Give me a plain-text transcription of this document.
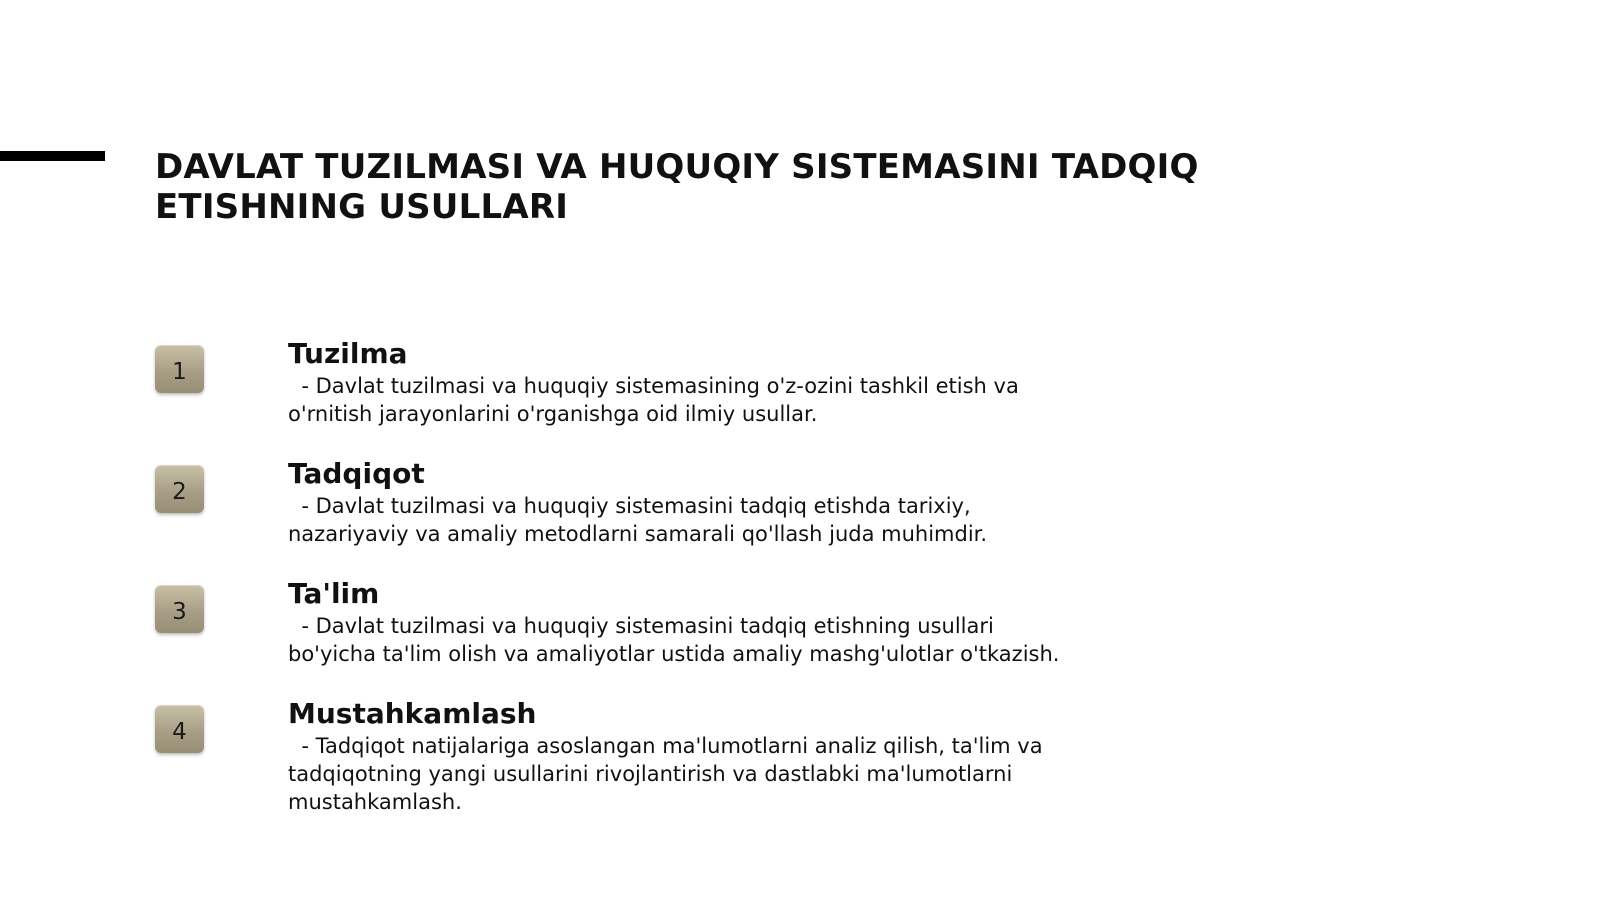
DAVLAT TUZILMASI VA HUQUQIY SISTEMASINI TADQIQ ETISHNING USULLARI
1
Tuzilma

- Davlat tuzilmasi va huquqiy sistemasining o'z-ozini tashkil etish va o'rnitish jarayonlarini o'rganishga oid ilmiy usullar.

2
Tadqiqot

- Davlat tuzilmasi va huquqiy sistemasini tadqiq etishda tarixiy, nazariyaviy va amaliy metodlarni samarali qo'llash juda muhimdir.

3
Ta'lim

- Davlat tuzilmasi va huquqiy sistemasini tadqiq etishning usullari bo'yicha ta'lim olish va amaliyotlar ustida amaliy mashg'ulotlar o'tkazish.

4
Mustahkamlash

- Tadqiqot natijalariga asoslangan ma'lumotlarni analiz qilish, ta'lim va tadqiqotning yangi usullarini rivojlantirish va dastlabki ma'lumotlarni mustahkamlash.
